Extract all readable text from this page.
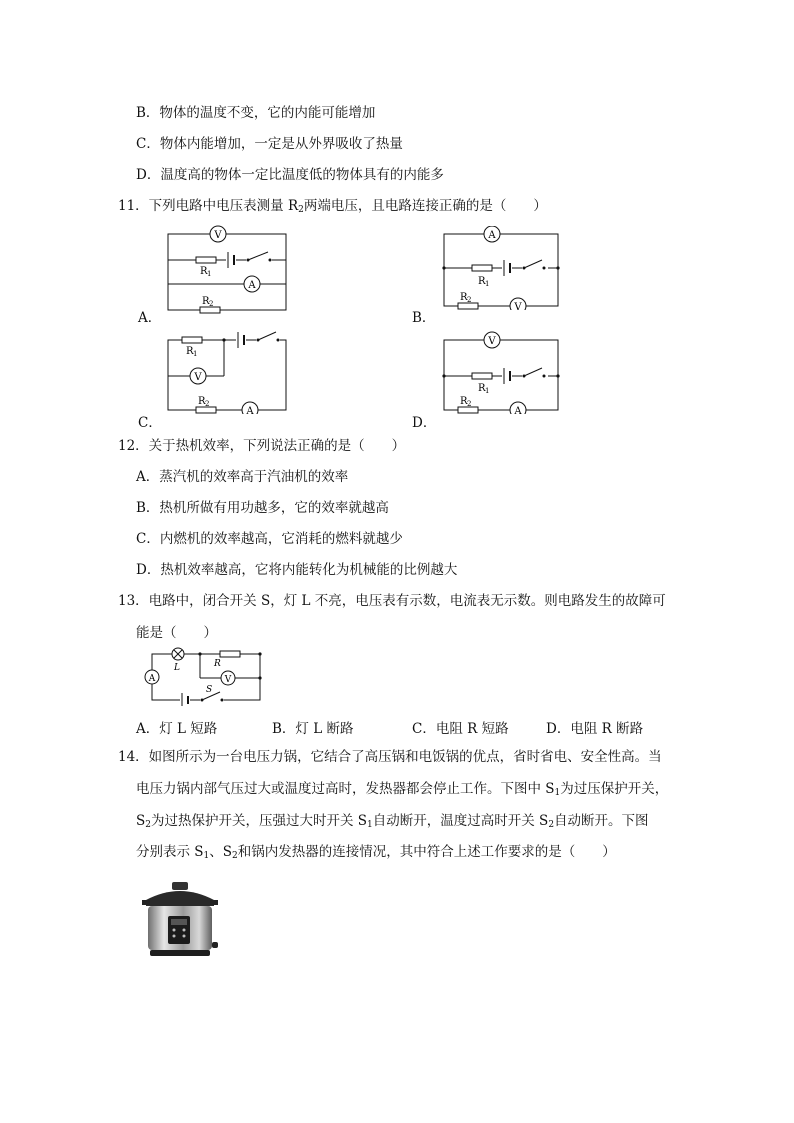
B．物体的温度不变，它的内能可能增加
C．物体内能增加，一定是从外界吸收了热量
D．温度高的物体一定比温度低的物体具有的内能多
11．下列电路中电压表测量 $R_2$两端电压，且电路连接正确的是（　　）
A．
V
R 1
A
R 2
B．
A
R 1
R 2
V
C．
R 1
V
R 2
A
D．
V
R 1
R 2
A
12．关于热机效率，下列说法正确的是（　　）
A．蒸汽机的效率高于汽油机的效率
B．热机所做有用功越多，它的效率就越高
C．内燃机的效率越高，它消耗的燃料就越少
D．热机效率越高，它将内能转化为机械能的比例越大
13．电路中，闭合开关 S，灯 L 不亮，电压表有示数，电流表无示数。则电路发生的故障可
能是（　　）
A
L	R
V
S
A．灯 L 短路	B．灯 L 断路	C．电阻 R 短路	D．电阻 R 断路
14．如图所示为一台电压力锅，它结合了高压锅和电饭锅的优点，省时省电、安全性高。当
电压力锅内部气压过大或温度过高时，发热器都会停止工作。下图中 $S_1$为过压保护开关，
$S_2$为过热保护开关，压强过大时开关 $S_1$自动断开，温度过高时开关 $S_2$自动断开。下图
分别表示 $S_1$、$S_2$和锅内发热器的连接情况，其中符合上述工作要求的是（　　）
